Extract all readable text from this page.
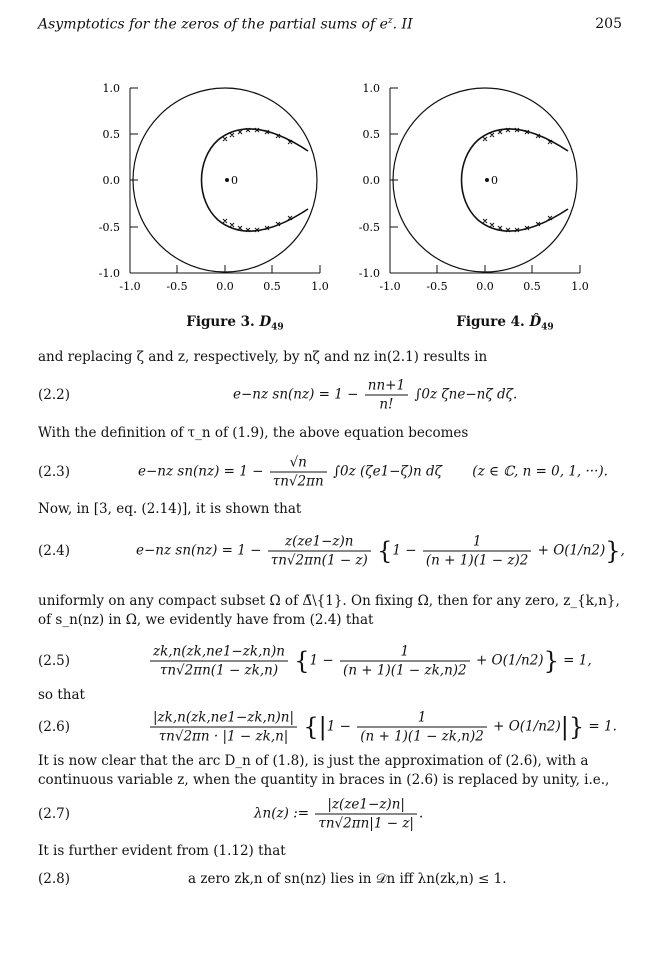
Asymptotics for the zeros of the partial sums of $e^z$. II	205
0
1.0
0.5
0.0
-0.5
-1.0
-1.0 -0.5	0.0	0.5	1.0
Figure 3. $D_{49}$
0
1.0
0.5
0.0
-0.5
-1.0
-1.0 -0.5	0.0	0.5	1.0
Figure 4. $D̂_{49}$
and replacing ζ and z, respectively, by nζ and nz in(2.1) results in
(2.2)	e−nz $sn(nz) = 1 - \frac{nn+1}{n!} \int 0z$ ζne−nζ dζ.
With the definition of τ_n of (1.9), the above equation becomes
(2.3)	e−nz $sn(nz) = 1 - \frac{√n}{\tau n√2\pi n} \int 0z$ (ζe1−ζ)n dζ (z ∈ ℂ, n = 0, 1, ···).
Now, in [3, eq. (2.14)], it is shown that
(2.4)	e−nz $sn(nz) = 1 - \frac{z(ze1-z)n}{\tau n√2\pi n(1 - z)} \{1 - \frac{1}{(n + 1)(1 - z)2} + O(1/n2)\}$,
uniformly on any compact subset Ω of Δ̄\{1}. On fixing Ω, then for any zero, z_{k,n}, of s_n(nz) in Ω, we evidently have from (2.4) that
(2.5)	$\frac{zk,n(zk,ne1-zk,n)n}{\tau n√2\pi n(1 - zk,n)} \{1 - \frac{1}{(n + 1)(1 - zk,n)2} + O(1/n2)\} = 1$,
so that
(2.6)	$\frac{|zk,n(zk,ne1-zk,n)n|}{\tau n√2\pi n \cdot |1 - zk,n|} \{|1 - \frac{1}{(n + 1)(1 - zk,n)2} + O(1/n2)|\} = 1$.
It is now clear that the arc D_n of (1.8), is just the approximation of (2.6), with a continuous variable z, when the quantity in braces in (2.6) is replaced by unity, i.e.,
(2.7)	λn(z) := $\frac{|z(ze1-z)n|}{\tau n√2\pi n|1 - z|}$ .
It is further evident from (1.12) that
(2.8)	a zero zk,n of sn(nz) lies in 𝒟n iff λn(zk,n) ≤ 1.
